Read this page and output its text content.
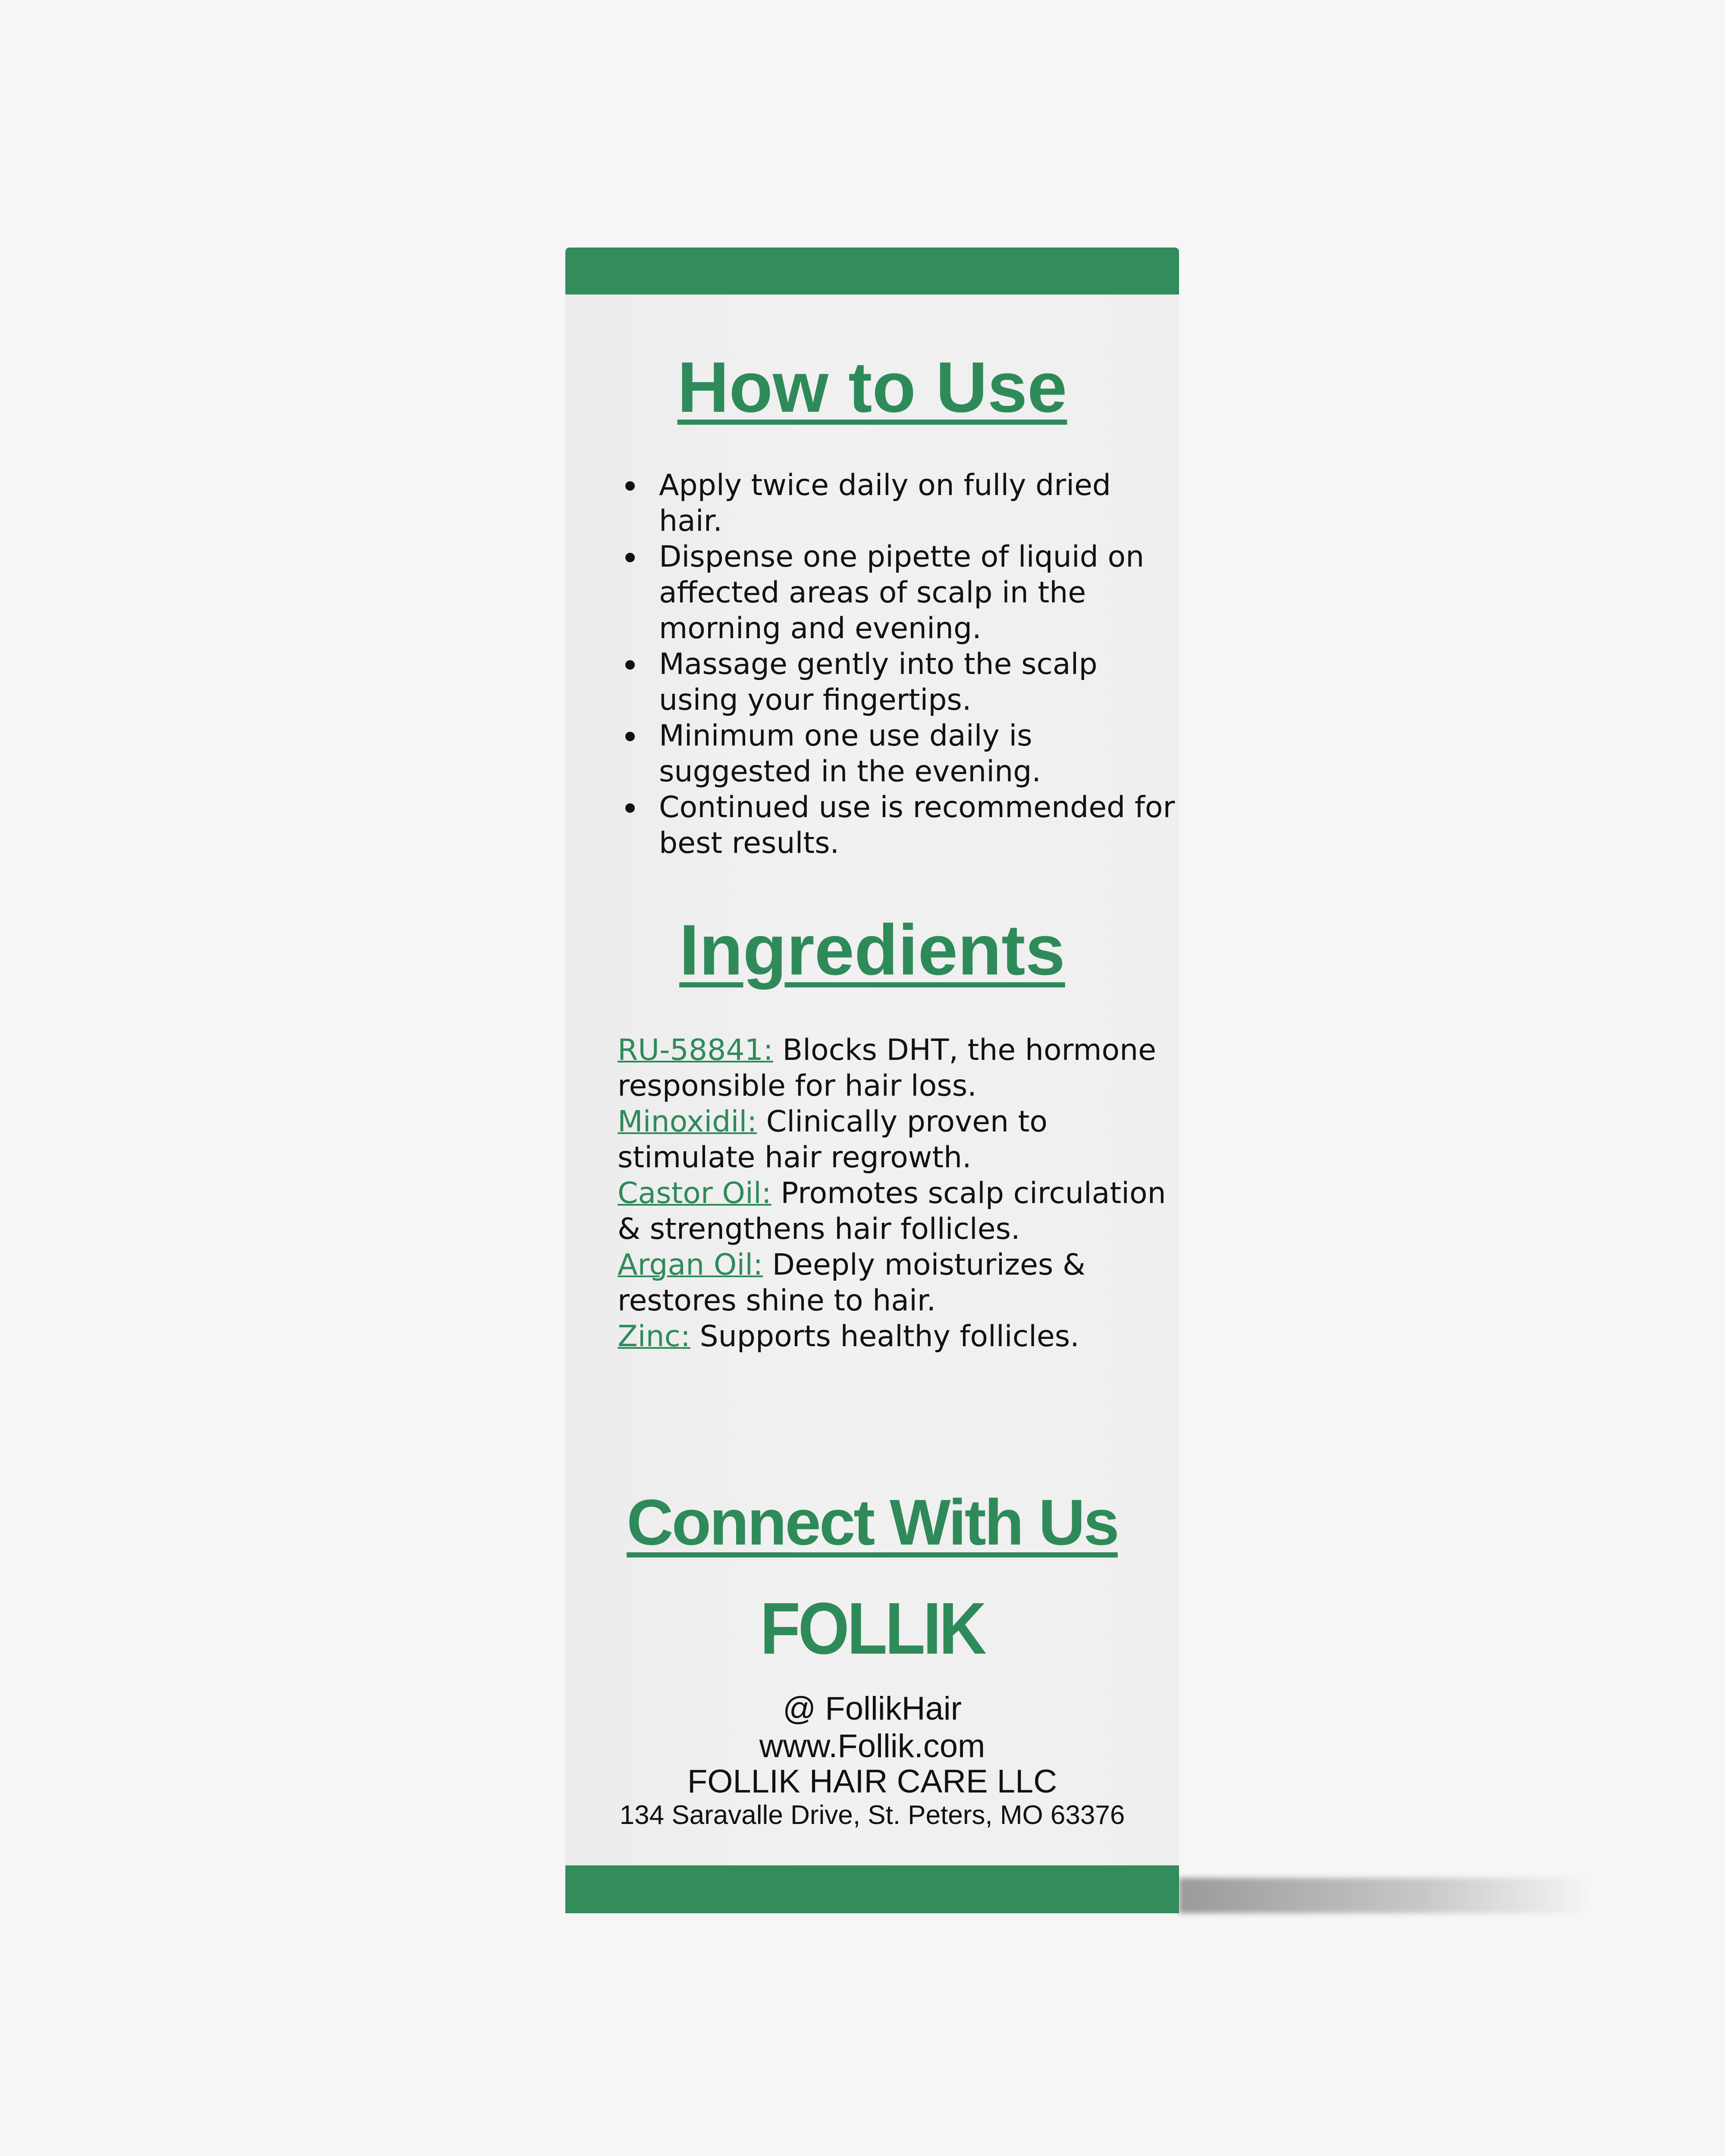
How to Use
Apply twice daily on fully dried hair.
Dispense one pipette of liquid on affected areas of scalp in the morning and evening.
Massage gently into the scalp using your fingertips.
Minimum one use daily is suggested in the evening.
Continued use is recommended for best results.
Ingredients
RU-58841: Blocks DHT, the hormone responsible for hair loss.
Minoxidil: Clinically proven to stimulate hair regrowth.
Castor Oil: Promotes scalp circulation & strengthens hair follicles.
Argan Oil: Deeply moisturizes & restores shine to hair.
Zinc: Supports healthy follicles.
Connect With Us
FOLLIK
@ FollikHair
www.Follik.com
FOLLIK HAIR CARE LLC
134 Saravalle Drive, St. Peters, MO 63376
